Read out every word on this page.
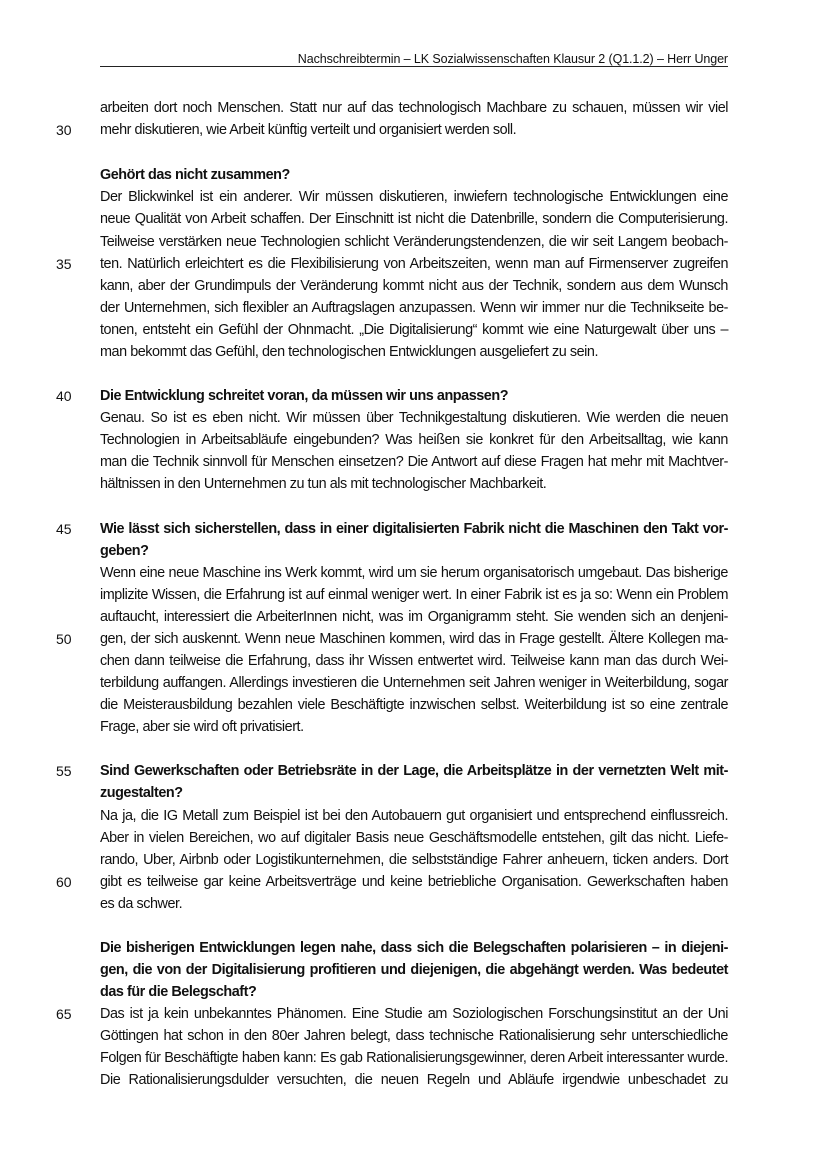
Nachschreibtermin – LK Sozialwissenschaften Klausur 2 (Q1.1.2) – Herr Unger
30
35
40
45
50
55
60
65
arbeiten dort noch Menschen. Statt nur auf das technologisch Machbare zu schauen, müssen wir viel
mehr diskutieren, wie Arbeit künftig verteilt und organisiert werden soll.
Gehört das nicht zusammen?
Der Blickwinkel ist ein anderer. Wir müssen diskutieren, inwiefern technologische Entwicklungen eine
neue Qualität von Arbeit schaffen. Der Einschnitt ist nicht die Datenbrille, sondern die Computerisierung.
Teilweise verstärken neue Technologien schlicht Veränderungstendenzen, die wir seit Langem beobach-
ten. Natürlich erleichtert es die Flexibilisierung von Arbeitszeiten, wenn man auf Firmenserver zugreifen
kann, aber der Grundimpuls der Veränderung kommt nicht aus der Technik, sondern aus dem Wunsch
der Unternehmen, sich flexibler an Auftragslagen anzupassen. Wenn wir immer nur die Technikseite be-
tonen, entsteht ein Gefühl der Ohnmacht. „Die Digitalisierung“ kommt wie eine Naturgewalt über uns –
man bekommt das Gefühl, den technologischen Entwicklungen ausgeliefert zu sein.
Die Entwicklung schreitet voran, da müssen wir uns anpassen?
Genau. So ist es eben nicht. Wir müssen über Technikgestaltung diskutieren. Wie werden die neuen
Technologien in Arbeitsabläufe eingebunden? Was heißen sie konkret für den Arbeitsalltag, wie kann
man die Technik sinnvoll für Menschen einsetzen? Die Antwort auf diese Fragen hat mehr mit Machtver-
hältnissen in den Unternehmen zu tun als mit technologischer Machbarkeit.
Wie lässt sich sicherstellen, dass in einer digitalisierten Fabrik nicht die Maschinen den Takt vor-
geben?
Wenn eine neue Maschine ins Werk kommt, wird um sie herum organisatorisch umgebaut. Das bisherige
implizite Wissen, die Erfahrung ist auf einmal weniger wert. In einer Fabrik ist es ja so: Wenn ein Problem
auftaucht, interessiert die ArbeiterInnen nicht, was im Organigramm steht. Sie wenden sich an denjeni-
gen, der sich auskennt. Wenn neue Maschinen kommen, wird das in Frage gestellt. Ältere Kollegen ma-
chen dann teilweise die Erfahrung, dass ihr Wissen entwertet wird. Teilweise kann man das durch Wei-
terbildung auffangen. Allerdings investieren die Unternehmen seit Jahren weniger in Weiterbildung, sogar
die Meisterausbildung bezahlen viele Beschäftigte inzwischen selbst. Weiterbildung ist so eine zentrale
Frage, aber sie wird oft privatisiert.
Sind Gewerkschaften oder Betriebsräte in der Lage, die Arbeitsplätze in der vernetzten Welt mit-
zugestalten?
Na ja, die IG Metall zum Beispiel ist bei den Autobauern gut organisiert und entsprechend einflussreich.
Aber in vielen Bereichen, wo auf digitaler Basis neue Geschäftsmodelle entstehen, gilt das nicht. Liefe-
rando, Uber, Airbnb oder Logistikunternehmen, die selbstständige Fahrer anheuern, ticken anders. Dort
gibt es teilweise gar keine Arbeitsverträge und keine betriebliche Organisation. Gewerkschaften haben
es da schwer.
Die bisherigen Entwicklungen legen nahe, dass sich die Belegschaften polarisieren – in diejeni-
gen, die von der Digitalisierung profitieren und diejenigen, die abgehängt werden. Was bedeutet
das für die Belegschaft?
Das ist ja kein unbekanntes Phänomen. Eine Studie am Soziologischen Forschungsinstitut an der Uni
Göttingen hat schon in den 80er Jahren belegt, dass technische Rationalisierung sehr unterschiedliche
Folgen für Beschäftigte haben kann: Es gab Rationalisierungsgewinner, deren Arbeit interessanter wurde.
Die Rationalisierungsdulder versuchten, die neuen Regeln und Abläufe irgendwie unbeschadet zu
